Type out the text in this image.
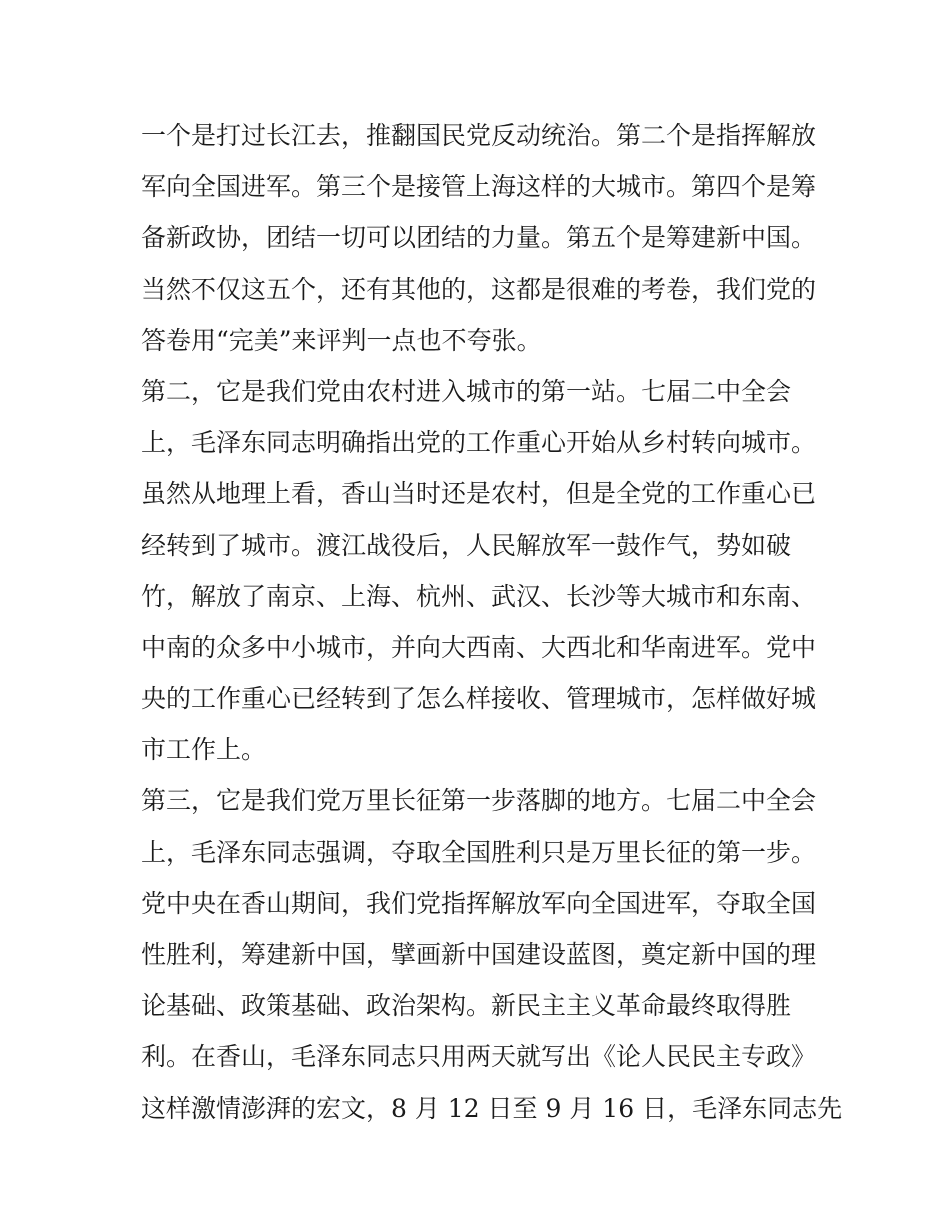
一个是打过长江去，推翻国民党反动统治。第二个是指挥解放
军向全国进军。第三个是接管上海这样的大城市。第四个是筹
备新政协，团结一切可以团结的力量。第五个是筹建新中国。
当然不仅这五个，还有其他的，这都是很难的考卷，我们党的
答卷用“完美”来评判一点也不夸张。
第二，它是我们党由农村进入城市的第一站。七届二中全会
上，毛泽东同志明确指出党的工作重心开始从乡村转向城市。
虽然从地理上看，香山当时还是农村，但是全党的工作重心已
经转到了城市。渡江战役后，人民解放军一鼓作气，势如破
竹，解放了南京、上海、杭州、武汉、长沙等大城市和东南、
中南的众多中小城市，并向大西南、大西北和华南进军。党中
央的工作重心已经转到了怎么样接收、管理城市，怎样做好城
市工作上。
第三，它是我们党万里长征第一步落脚的地方。七届二中全会
上，毛泽东同志强调，夺取全国胜利只是万里长征的第一步。
党中央在香山期间，我们党指挥解放军向全国进军，夺取全国
性胜利，筹建新中国，擘画新中国建设蓝图，奠定新中国的理
论基础、政策基础、政治架构。新民主主义革命最终取得胜
利。在香山，毛泽东同志只用两天就写出《论人民民主专政》
这样激情澎湃的宏文，8 月 12 日至 9 月 16 日，毛泽东同志先
